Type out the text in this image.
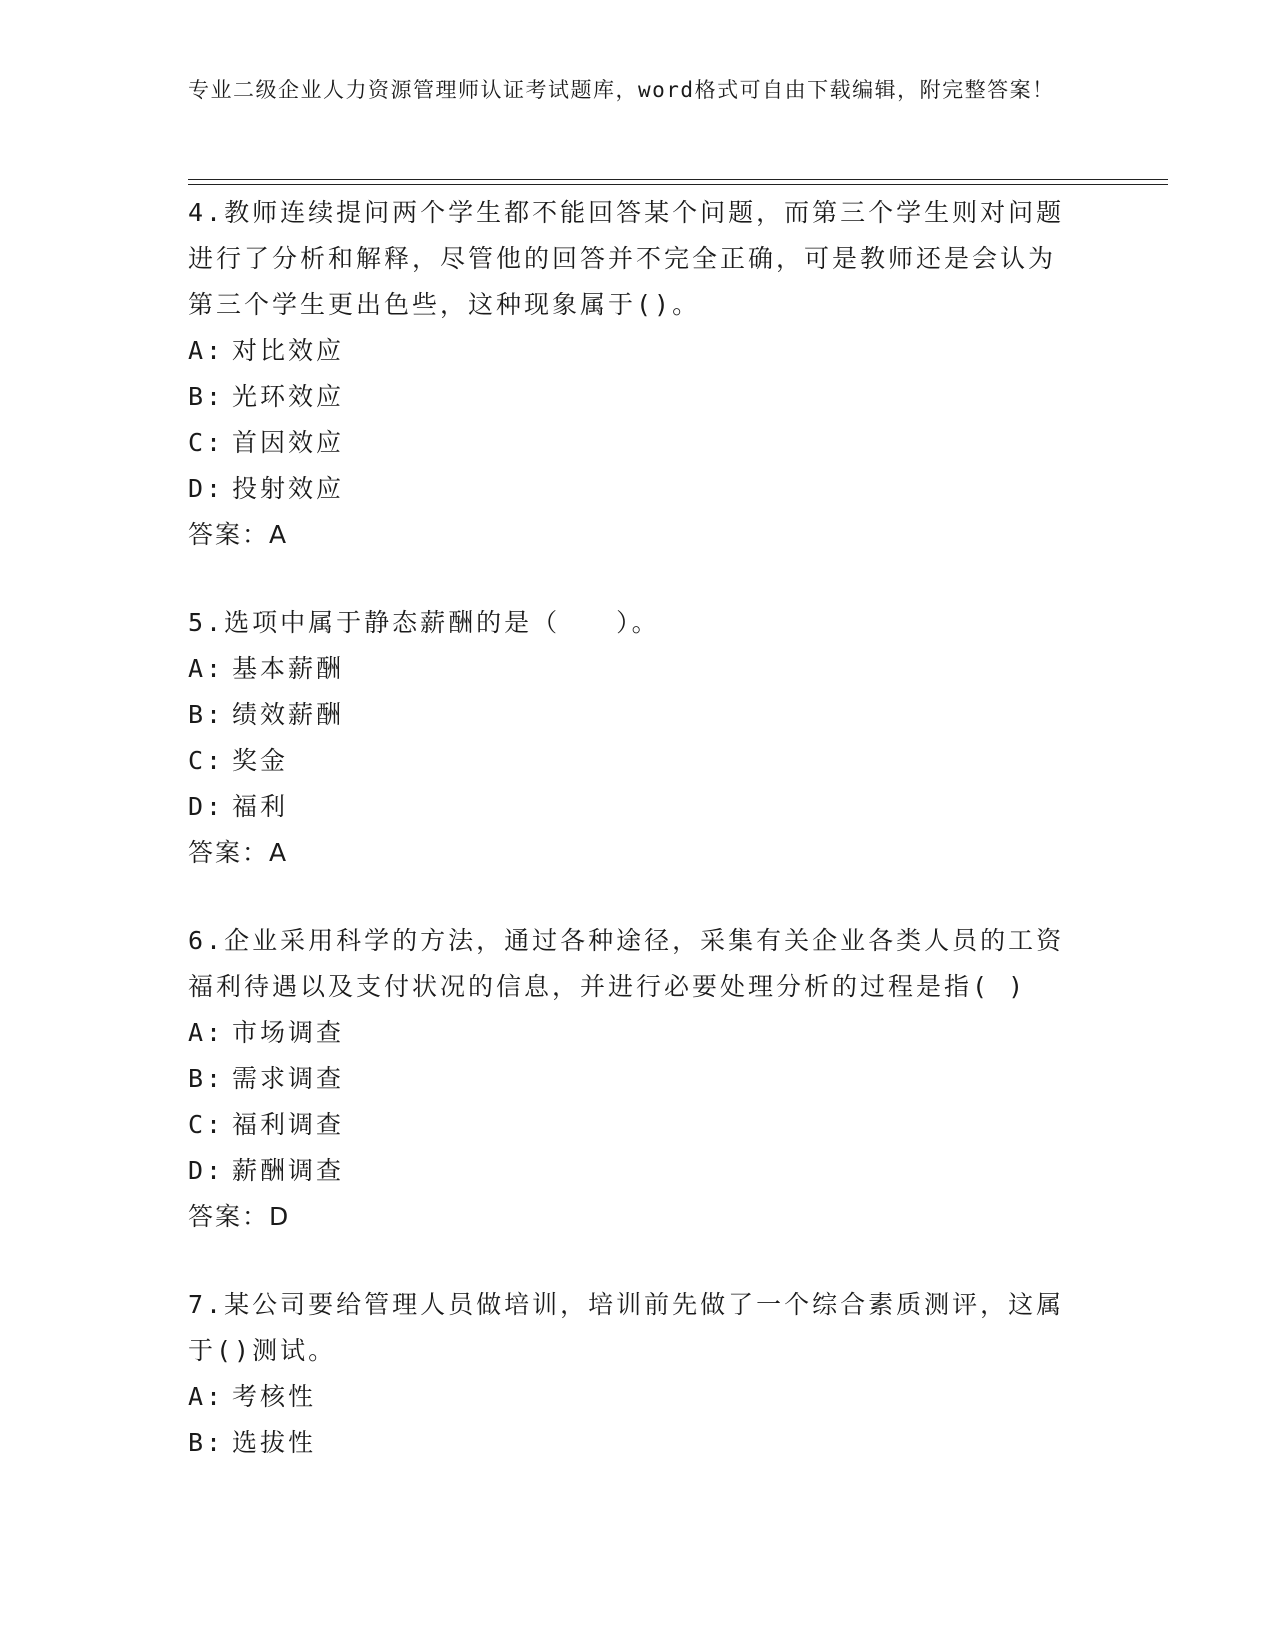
专业二级企业人力资源管理师认证考试题库，word格式可自由下载编辑，附完整答案！
4.教师连续提问两个学生都不能回答某个问题，而第三个学生则对问题进行了分析和解释，尽管他的回答并不完全正确，可是教师还是会认为第三个学生更出色些，这种现象属于()。
A: 对比效应
B: 光环效应
C: 首因效应
D: 投射效应
答案：A
5.选项中属于静态薪酬的是（　　）。
A: 基本薪酬
B: 绩效薪酬
C: 奖金
D: 福利
答案：A
6.企业采用科学的方法，通过各种途径，采集有关企业各类人员的工资福利待遇以及支付状况的信息，并进行必要处理分析的过程是指( )
A: 市场调查
B: 需求调查
C: 福利调查
D: 薪酬调查
答案：D
7.某公司要给管理人员做培训，培训前先做了一个综合素质测评，这属于()测试。
A: 考核性
B: 选拔性
